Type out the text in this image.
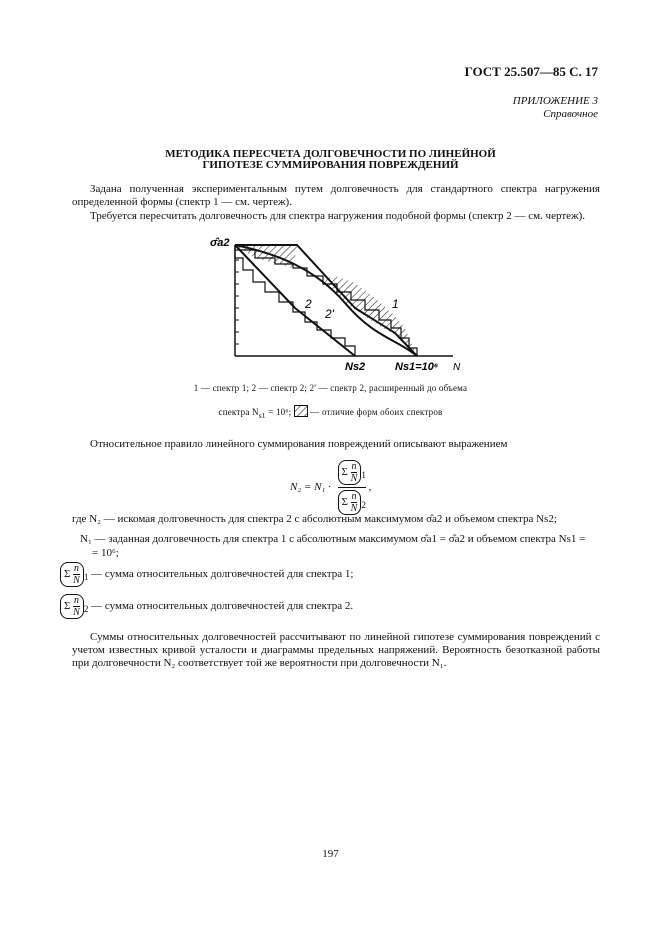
ГОСТ 25.507—85 С. 17
ПРИЛОЖЕНИЕ 3
Справочное
МЕТОДИКА ПЕРЕСЧЕТА ДОЛГОВЕЧНОСТИ ПО ЛИНЕЙНОЙ
ГИПОТЕЗЕ СУММИРОВАНИЯ ПОВРЕЖДЕНИЙ
Задана полученная экспериментальным путем долговечность для стандартного спектра нагружения определенной формы (спектр 1 — см. чертеж).
Требуется пересчитать долговечность для спектра нагружения подобной формы (спектр 2 — см. чертеж).
σ̂a2
2
2'
1
Ns2	Ns1=10⁶ N
1 — спектр 1; 2 — спектр 2; 2' — спектр 2, расширенный до объема
спектра $N_{s1} = 10^6$;  — отличие форм обоих спектров
Относительное правило линейного суммирования повреждений описывают выражением
$N_2 = N_1 \cdot \frac{\Sigma \frac{n}{N} _1}{\Sigma \frac{n}{N} _2}$ ,
где N₂ — искомая долговечность для спектра 2 с абсолютным максимумом σ̂a2 и объемом спектра Ns2;
N₁ — заданная долговечность для спектра 1 с абсолютным максимумом σ̂a1 = σ̂a2 и объемом спектра Ns1 =
= 10⁶;
Σ $\frac{n}{N} _1$ — сумма относительных долговечностей для спектра 1;
Σ $\frac{n}{N} _2$ — сумма относительных долговечностей для спектра 2.
Суммы относительных долговечностей рассчитывают по линейной гипотезе суммирования повреждений с учетом известных кривой усталости и диаграммы предельных напряжений. Вероятность безотказной работы при долговечности N₂ соответствует той же вероятности при долговечности N₁.
197
